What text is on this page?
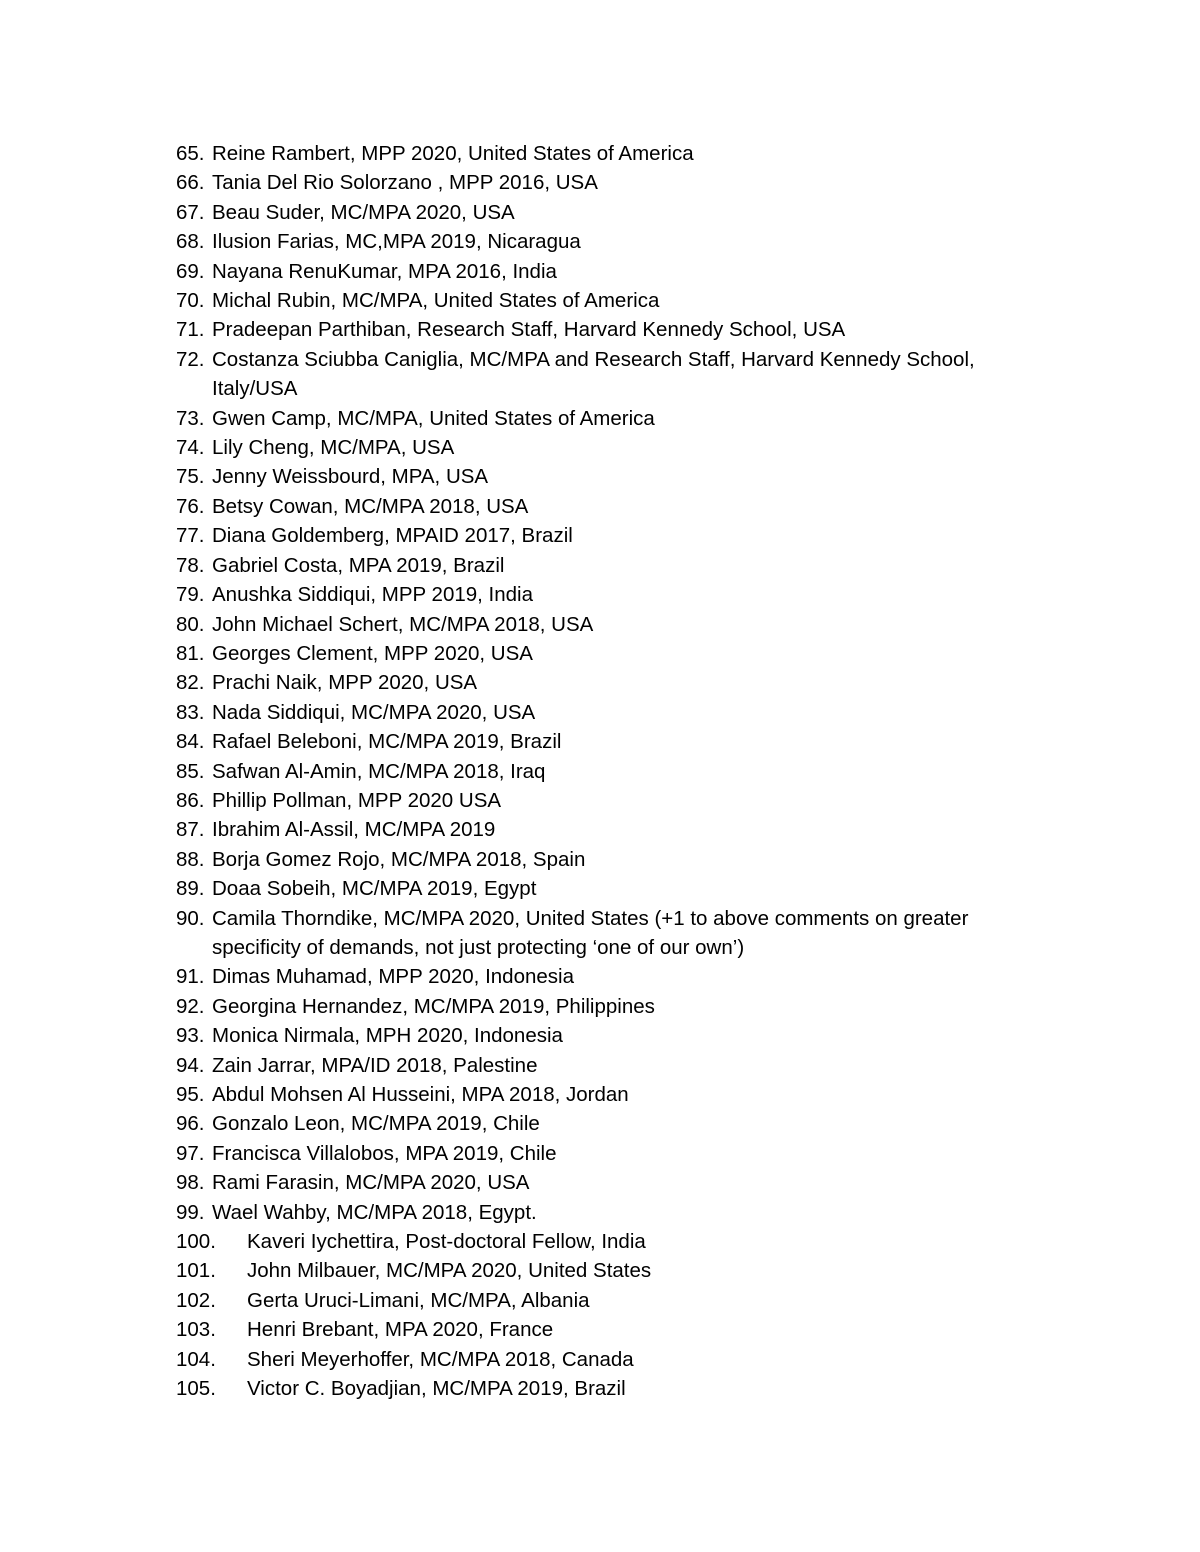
65. Reine Rambert, MPP 2020, United States of America
66. Tania Del Rio Solorzano , MPP 2016, USA
67. Beau Suder, MC/MPA 2020, USA
68. Ilusion Farias, MC,MPA 2019, Nicaragua
69. Nayana RenuKumar, MPA 2016, India
70. Michal Rubin, MC/MPA, United States of America
71. Pradeepan Parthiban, Research Staff, Harvard Kennedy School, USA
72. Costanza Sciubba Caniglia, MC/MPA and Research Staff, Harvard Kennedy School, Italy/USA
73. Gwen Camp, MC/MPA, United States of America
74. Lily Cheng, MC/MPA, USA
75. Jenny Weissbourd, MPA, USA
76. Betsy Cowan, MC/MPA 2018, USA
77. Diana Goldemberg, MPAID 2017, Brazil
78. Gabriel Costa, MPA 2019, Brazil
79. Anushka Siddiqui, MPP 2019, India
80. John Michael Schert, MC/MPA 2018, USA
81. Georges Clement, MPP 2020, USA
82. Prachi Naik, MPP 2020, USA
83. Nada Siddiqui, MC/MPA 2020, USA
84. Rafael Beleboni, MC/MPA 2019, Brazil
85. Safwan Al-Amin, MC/MPA 2018, Iraq
86. Phillip Pollman, MPP 2020 USA
87. Ibrahim Al-Assil, MC/MPA 2019
88. Borja Gomez Rojo, MC/MPA 2018, Spain
89. Doaa Sobeih, MC/MPA 2019, Egypt
90. Camila Thorndike, MC/MPA 2020, United States (+1 to above comments on greater specificity of demands, not just protecting ‘one of our own’)
91. Dimas Muhamad, MPP 2020, Indonesia
92. Georgina Hernandez, MC/MPA 2019, Philippines
93. Monica Nirmala, MPH 2020, Indonesia
94. Zain Jarrar, MPA/ID 2018, Palestine
95. Abdul Mohsen Al Husseini, MPA 2018, Jordan
96. Gonzalo Leon, MC/MPA 2019, Chile
97. Francisca Villalobos, MPA 2019, Chile
98. Rami Farasin, MC/MPA 2020, USA
99. Wael Wahby, MC/MPA 2018, Egypt.
100. Kaveri Iychettira, Post-doctoral Fellow, India
101. John Milbauer, MC/MPA 2020, United States
102. Gerta Uruci-Limani, MC/MPA, Albania
103. Henri Brebant, MPA 2020, France
104. Sheri Meyerhoffer, MC/MPA 2018, Canada
105. Victor C. Boyadjian, MC/MPA 2019, Brazil
